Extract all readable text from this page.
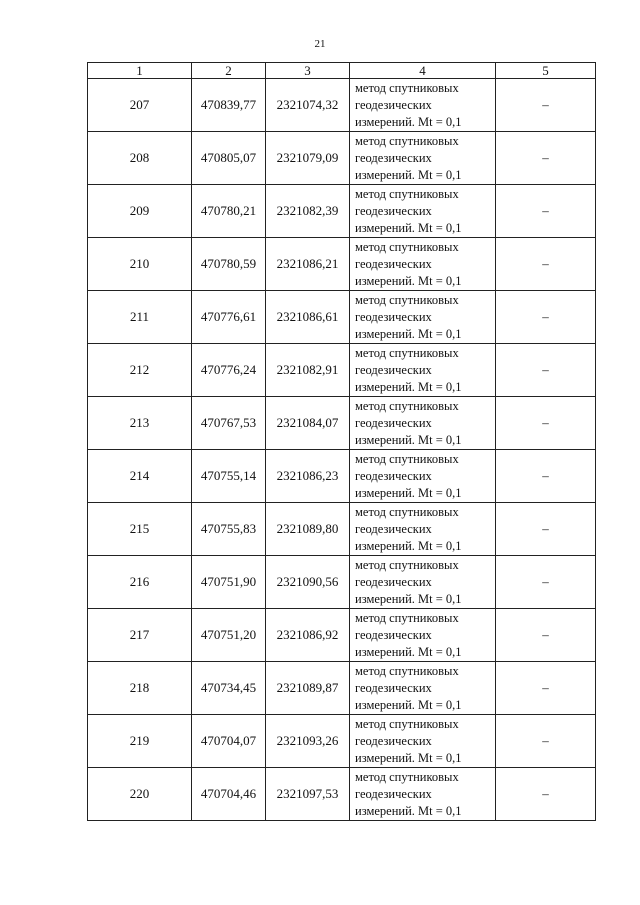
21
1	2	3	4	5
207	470839,77	2321074,32	метод спутниковых
геодезических
измерений. Mt = 0,1	–
208	470805,07	2321079,09	метод спутниковых
геодезических
измерений. Mt = 0,1	–
209	470780,21	2321082,39	метод спутниковых
геодезических
измерений. Mt = 0,1	–
210	470780,59	2321086,21	метод спутниковых
геодезических
измерений. Mt = 0,1	–
211	470776,61	2321086,61	метод спутниковых
геодезических
измерений. Mt = 0,1	–
212	470776,24	2321082,91	метод спутниковых
геодезических
измерений. Mt = 0,1	–
213	470767,53	2321084,07	метод спутниковых
геодезических
измерений. Mt = 0,1	–
214	470755,14	2321086,23	метод спутниковых
геодезических
измерений. Mt = 0,1	–
215	470755,83	2321089,80	метод спутниковых
геодезических
измерений. Mt = 0,1	–
216	470751,90	2321090,56	метод спутниковых
геодезических
измерений. Mt = 0,1	–
217	470751,20	2321086,92	метод спутниковых
геодезических
измерений. Mt = 0,1	–
218	470734,45	2321089,87	метод спутниковых
геодезических
измерений. Mt = 0,1	–
219	470704,07	2321093,26	метод спутниковых
геодезических
измерений. Mt = 0,1	–
220	470704,46	2321097,53	метод спутниковых
геодезических
измерений. Mt = 0,1	–
